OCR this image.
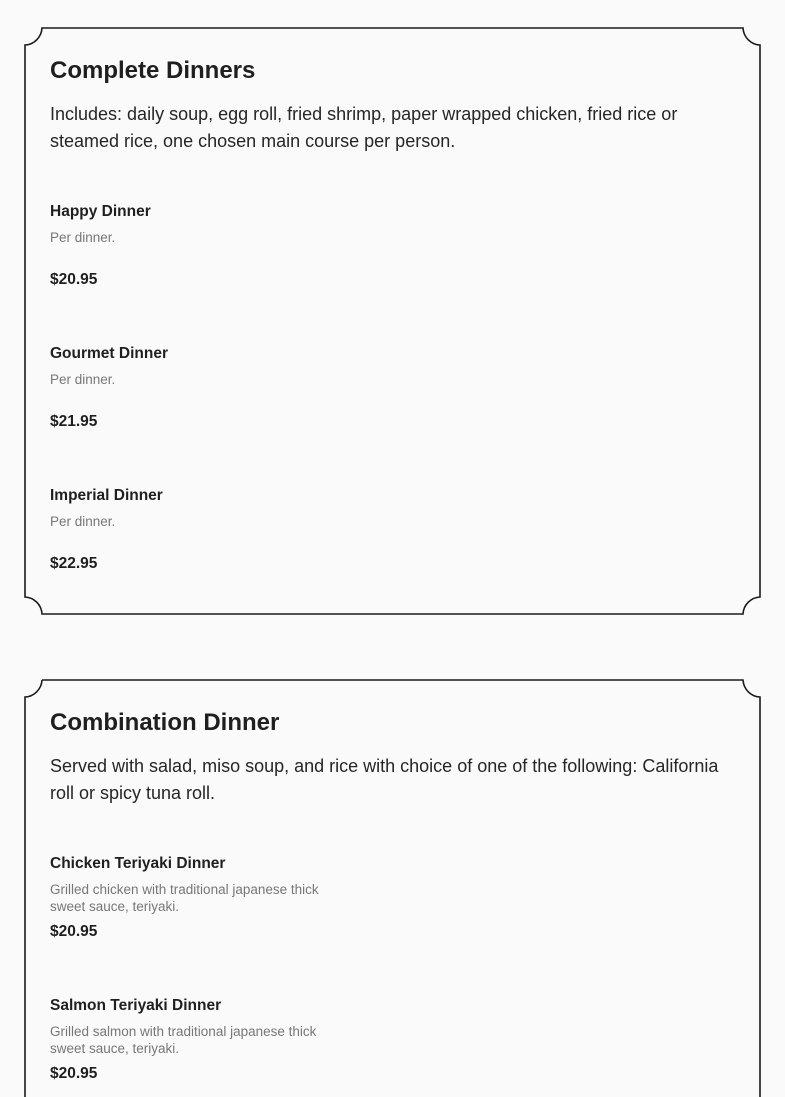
Complete Dinners

Includes: daily soup, egg roll, fried shrimp, paper wrapped chicken, fried rice or steamed rice, one chosen main course per person.

Happy Dinner
Per dinner.
$20.95
Gourmet Dinner
Per dinner.
$21.95
Imperial Dinner
Per dinner.
$22.95
Combination Dinner

Served with salad, miso soup, and rice with choice of one of the following: California roll or spicy tuna roll.

Chicken Teriyaki Dinner
Grilled chicken with traditional japanese thick sweet sauce, teriyaki.
$20.95
Salmon Teriyaki Dinner
Grilled salmon with traditional japanese thick sweet sauce, teriyaki.
$20.95
